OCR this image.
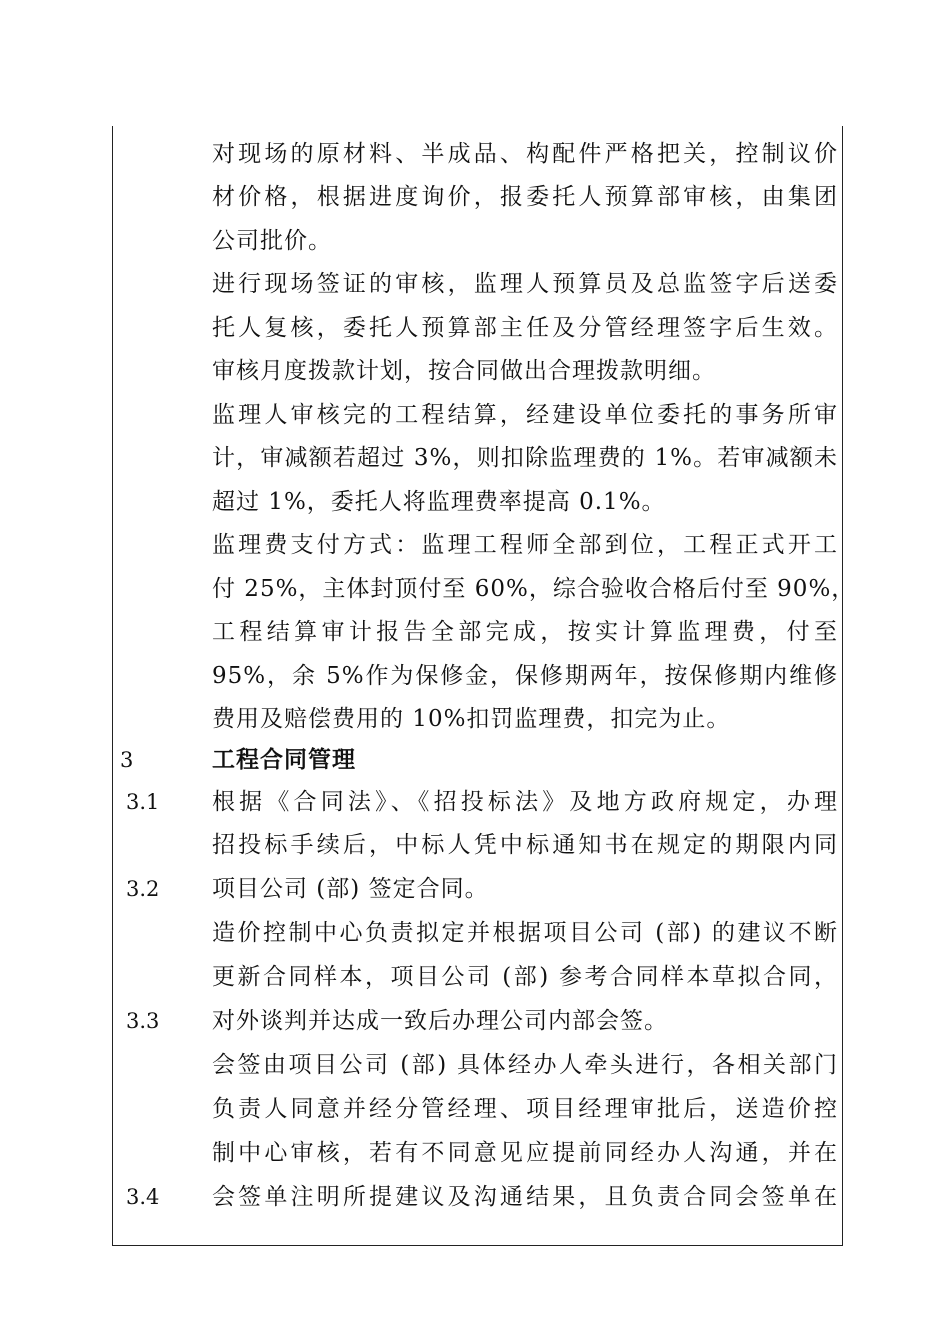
3
3.1
3.2
3.3
3.4
对现场的原材料、半成品、构配件严格把关，控制议价
材价格，根据进度询价，报委托人预算部审核，由集团
公司批价。
进行现场签证的审核，监理人预算员及总监签字后送委
托人复核，委托人预算部主任及分管经理签字后生效。
审核月度拨款计划，按合同做出合理拨款明细。
监理人审核完的工程结算，经建设单位委托的事务所审
计，审减额若超过 3%，则扣除监理费的 1%。若审减额未
超过 1%，委托人将监理费率提高 0.1%。
监理费支付方式：监理工程师全部到位，工程正式开工
付 25%，主体封顶付至 60%，综合验收合格后付至 90%，
工程结算审计报告全部完成，按实计算监理费，付至
95%，余 5%作为保修金，保修期两年，按保修期内维修
费用及赔偿费用的 10%扣罚监理费，扣完为止。
工程合同管理
根据《合同法》、《招投标法》及地方政府规定，办理
招投标手续后，中标人凭中标通知书在规定的期限内同
项目公司 (部) 签定合同。
造价控制中心负责拟定并根据项目公司 (部) 的建议不断
更新合同样本，项目公司 (部) 参考合同样本草拟合同，
对外谈判并达成一致后办理公司内部会签。
会签由项目公司 (部) 具体经办人牵头进行，各相关部门
负责人同意并经分管经理、项目经理审批后，送造价控
制中心审核，若有不同意见应提前同经办人沟通，并在
会签单注明所提建议及沟通结果，且负责合同会签单在
